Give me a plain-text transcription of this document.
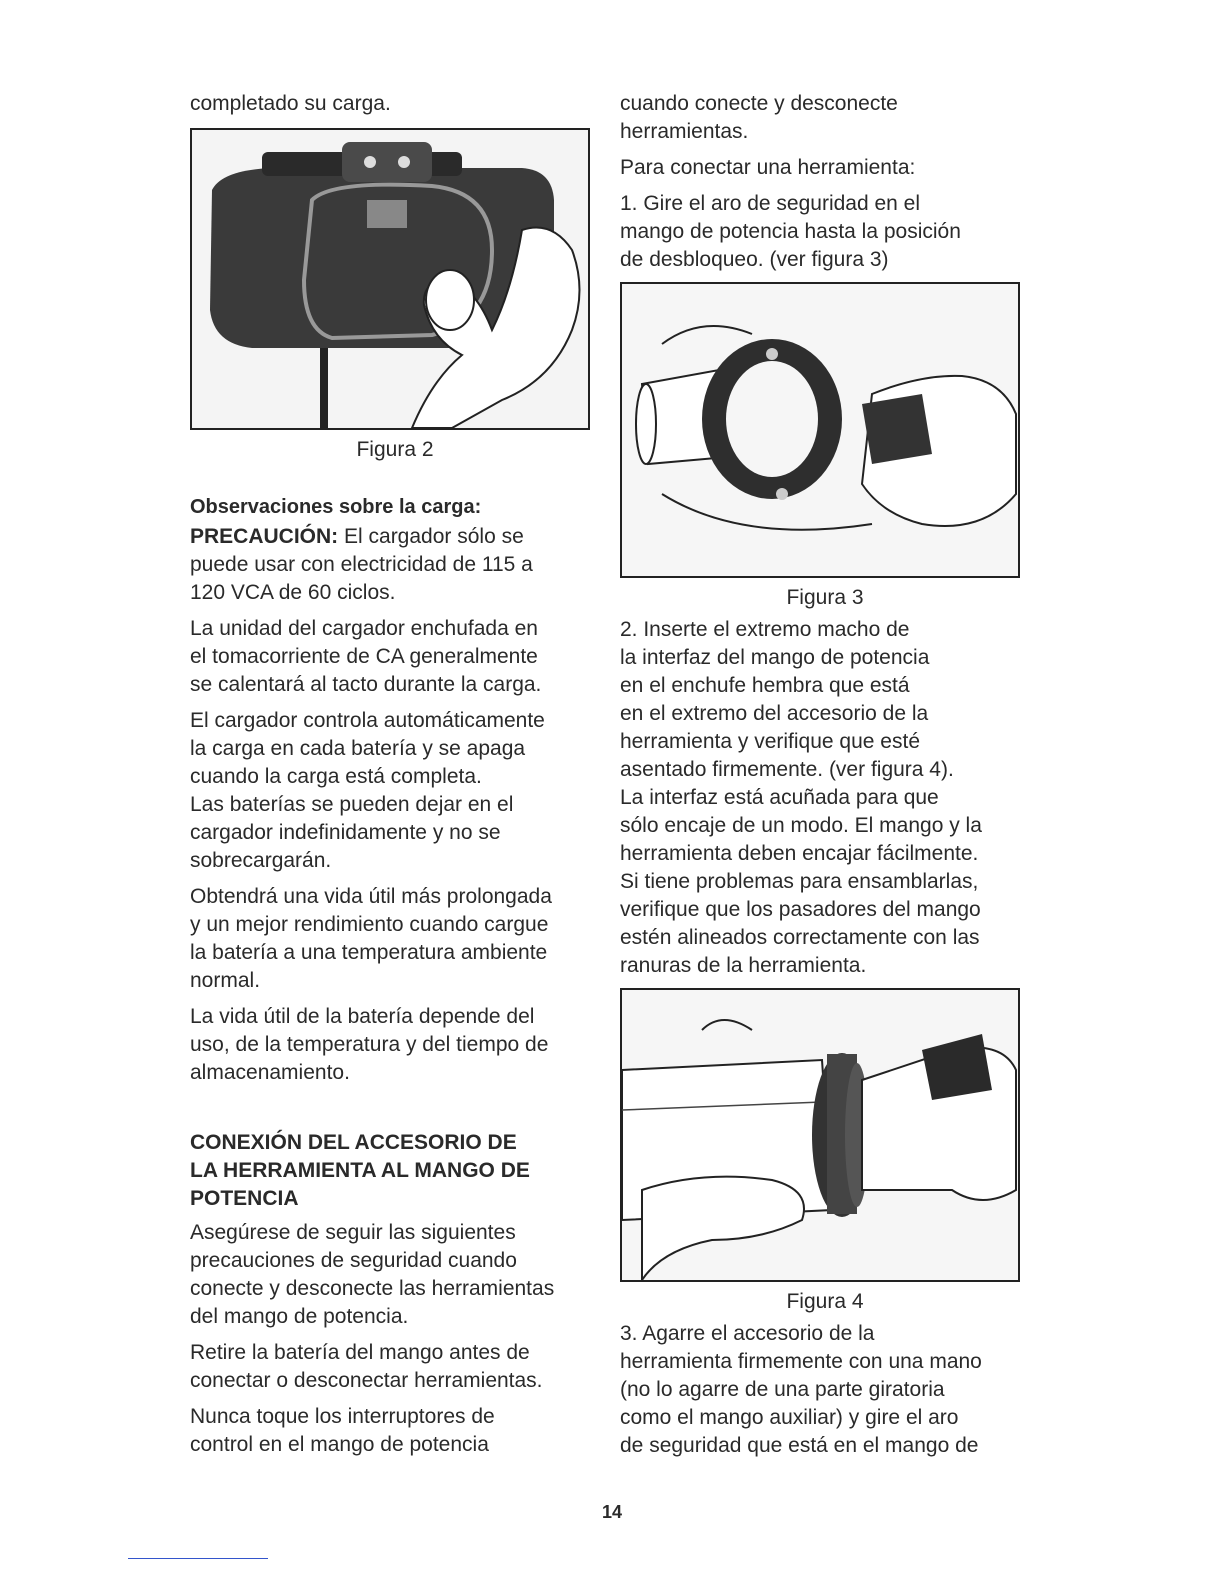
completado su carga.

Figura 2

Observaciones sobre la carga:

PRECAUCIÓN: El cargador sólo se
puede usar con electricidad de 115 a
120 VCA de 60 ciclos.

La unidad del cargador enchufada en
el tomacorriente de CA generalmente
se calentará al tacto durante la carga.

El cargador controla automáticamente
la carga en cada batería y se apaga
cuando la carga está completa.
Las baterías se pueden dejar en el
cargador indefinidamente y no se
sobrecargarán.

Obtendrá una vida útil más prolongada
y un mejor rendimiento cuando cargue
la batería a una temperatura ambiente
normal.

La vida útil de la batería depende del
uso, de la temperatura y del tiempo de
almacenamiento.

CONEXIÓN DEL ACCESORIO DE
LA HERRAMIENTA AL MANGO DE
POTENCIA

Asegúrese de seguir las siguientes
precauciones de seguridad cuando
conecte y desconecte las herramientas
del mango de potencia.

Retire la batería del mango antes de
conectar o desconectar herramientas.

Nunca toque los interruptores de
control en el mango de potencia

cuando conecte y desconecte
herramientas.

Para conectar una herramienta:

1. Gire el aro de seguridad en el
mango de potencia hasta la posición
de desbloqueo. (ver figura 3)

Figura 3

2. Inserte el extremo macho de
la interfaz del mango de potencia
en el enchufe hembra que está
en el extremo del accesorio de la
herramienta y verifique que esté
asentado firmemente. (ver figura 4).
La interfaz está acuñada para que
sólo encaje de un modo. El mango y la
herramienta deben encajar fácilmente.
Si tiene problemas para ensamblarlas,
verifique que los pasadores del mango
estén alineados correctamente con las
ranuras de la herramienta.

Figura 4

3. Agarre el accesorio de la
herramienta firmemente con una mano
(no lo agarre de una parte giratoria
como el mango auxiliar) y gire el aro
de seguridad que está en el mango de

14
